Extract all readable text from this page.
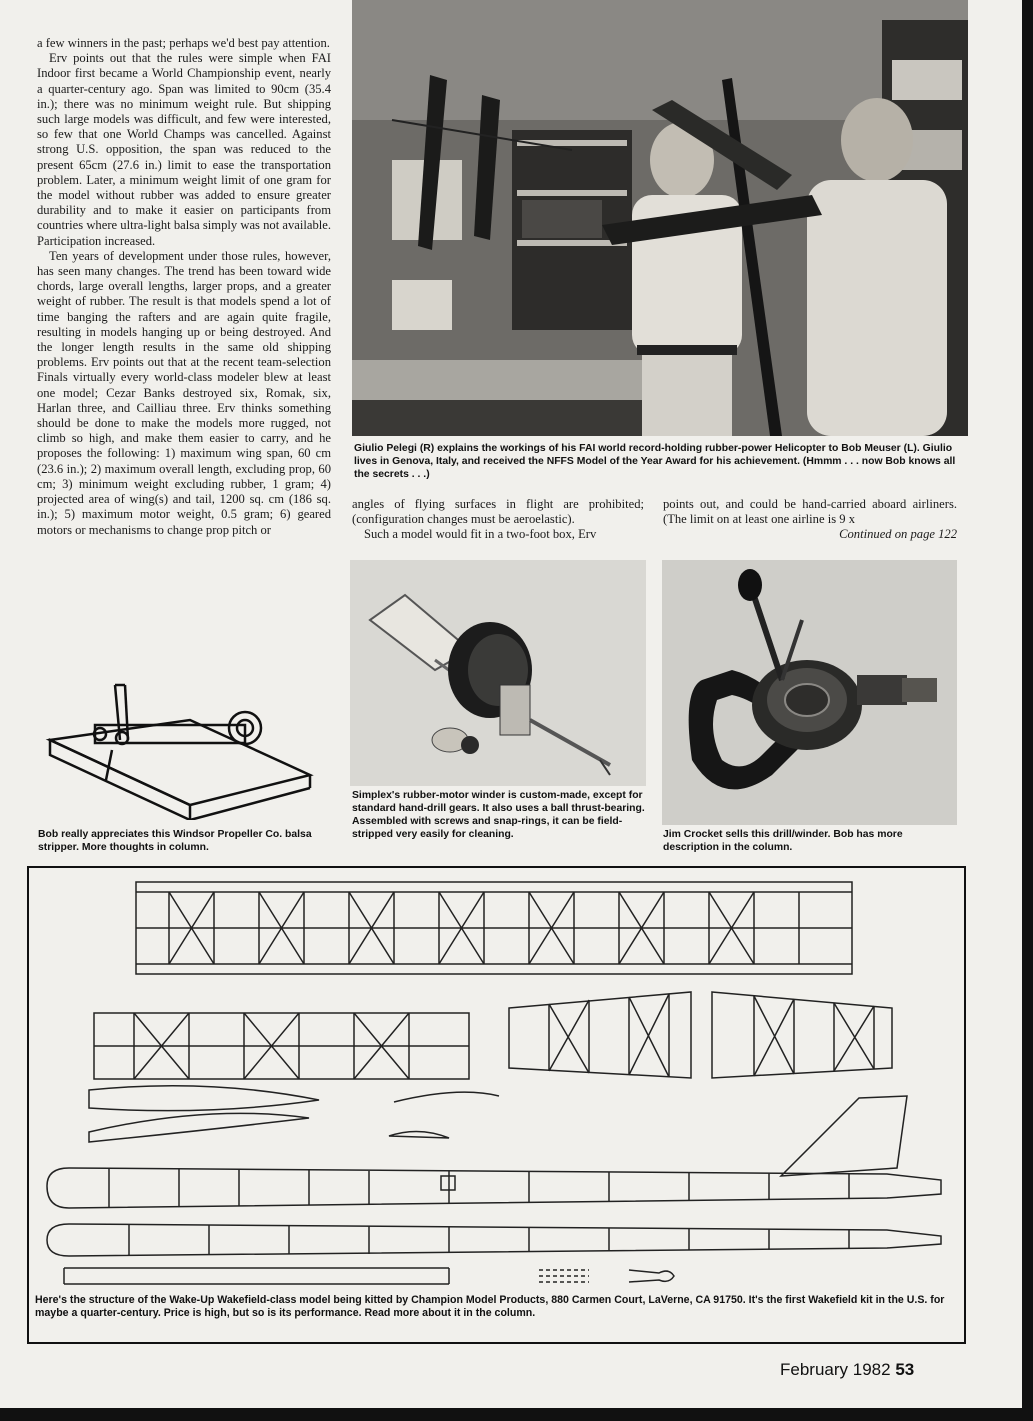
a few winners in the past; perhaps we'd best pay attention.

Erv points out that the rules were simple when FAI Indoor first became a World Championship event, nearly a quarter-century ago. Span was limited to 90cm (35.4 in.); there was no minimum weight rule. But shipping such large models was difficult, and few were interested, so few that one World Champs was cancelled. Against strong U.S. opposition, the span was reduced to the present 65cm (27.6 in.) limit to ease the transportation problem. Later, a minimum weight limit of one gram for the model without rubber was added to ensure greater durability and to make it easier on participants from countries where ultra-light balsa simply was not available. Participation increased.

Ten years of development under those rules, however, has seen many changes. The trend has been toward wide chords, large overall lengths, larger props, and a greater weight of rubber. The result is that models spend a lot of time banging the rafters and are again quite fragile, resulting in models hanging up or being destroyed. And the longer length results in the same old shipping problems. Erv points out that at the recent team-selection Finals virtually every world-class modeler blew at least one model; Cezar Banks destroyed six, Romak, six, Harlan three, and Cailliau three. Erv thinks something should be done to make the models more rugged, not climb so high, and make them easier to carry, and he proposes the following: 1) maximum wing span, 60 cm (23.6 in.); 2) maximum overall length, excluding prop, 60 cm; 3) minimum weight excluding rubber, 1 gram; 4) projected area of wing(s) and tail, 1200 sq. cm (186 sq. in.); 5) maximum motor weight, 0.5 gram; 6) geared motors or mechanisms to change prop pitch or

Giulio Pelegi (R) explains the workings of his FAI world record-holding rubber-power Helicopter to Bob Meuser (L). Giulio lives in Genova, Italy, and received the NFFS Model of the Year Award for his achievement. (Hmmm . . . now Bob knows all the secrets . . .)

angles of flying surfaces in flight are prohibited; (configuration changes must be aeroelastic).

Such a model would fit in a two-foot box, Erv

points out, and could be hand-carried aboard airliners. (The limit on at least one airline is 9 x

Continued on page 122

Bob really appreciates this Windsor Propeller Co. balsa stripper. More thoughts in column.
Simplex's rubber-motor winder is custom-made, except for standard hand-drill gears. It also uses a ball thrust-bearing. Assembled with screws and snap-rings, it can be field-stripped very easily for cleaning.	Jim Crocket sells this drill/winder. Bob has more description in the column.
Here's the structure of the Wake-Up Wakefield-class model being kitted by Champion Model Products, 880 Carmen Court, LaVerne, CA 91750. It's the first Wakefield kit in the U.S. for maybe a quarter-century. Price is high, but so is its performance. Read more about it in the column.
February 1982 53
